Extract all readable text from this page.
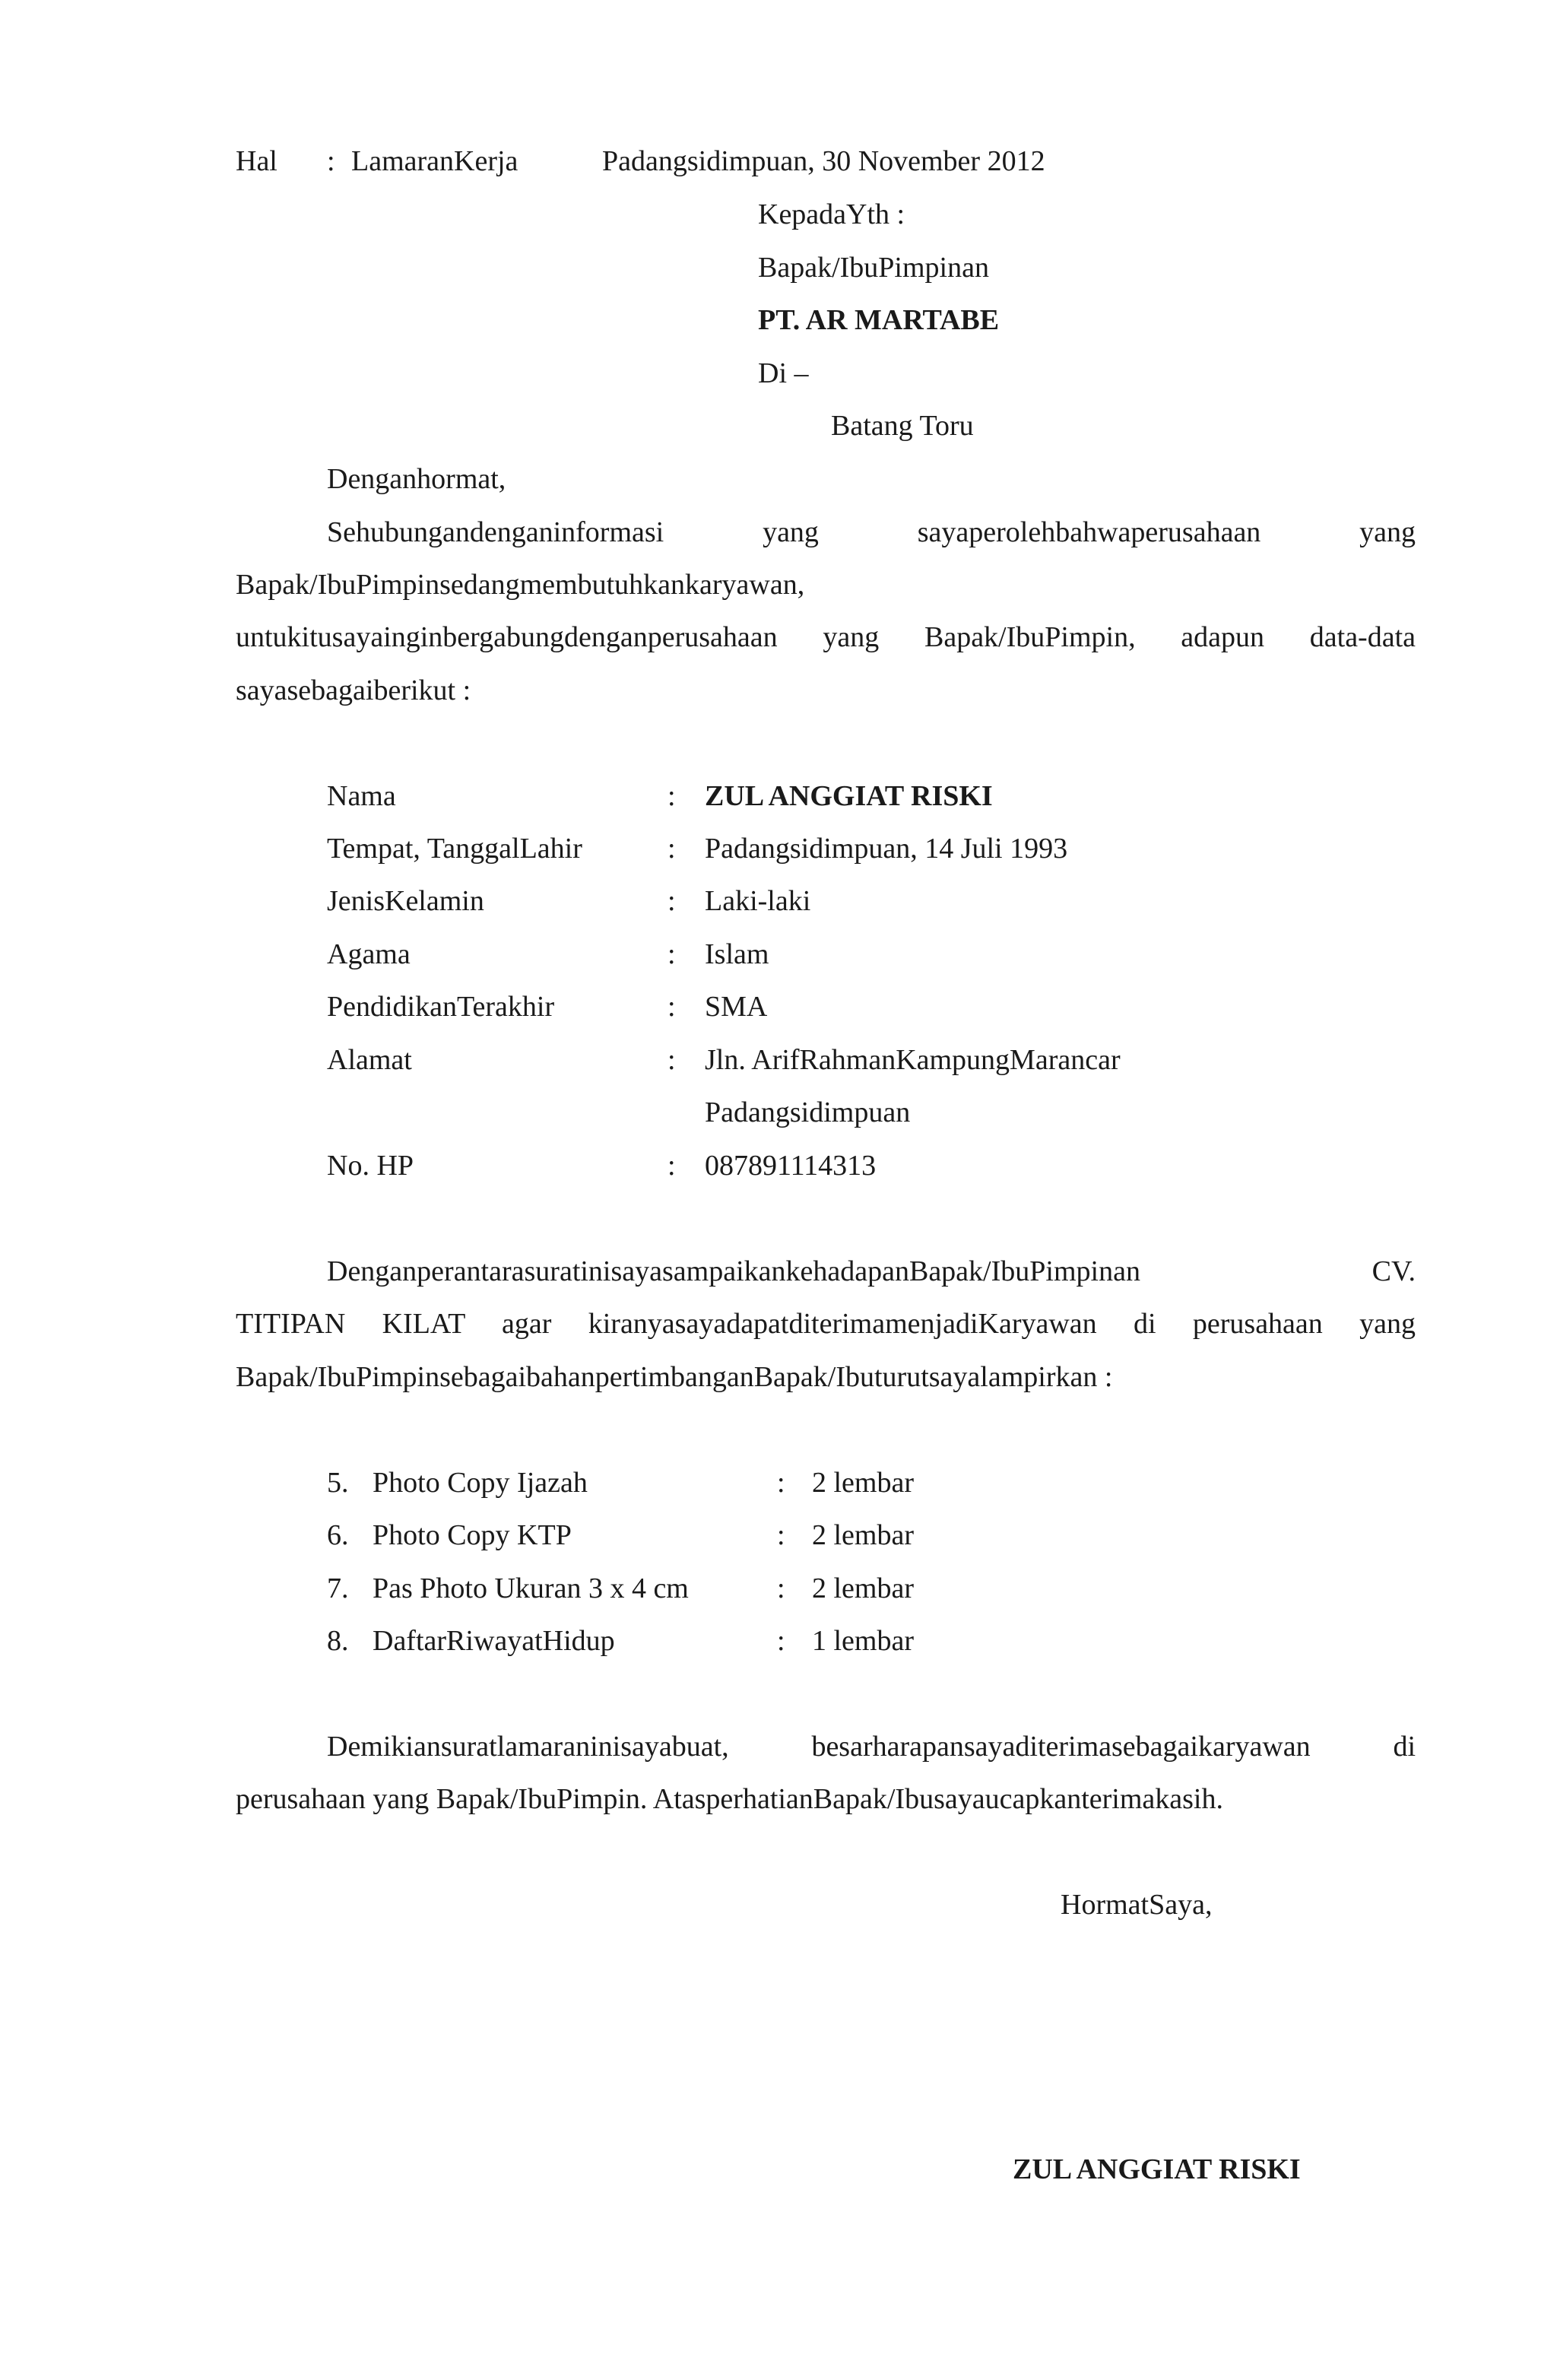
Hal : LamaranKerja	Padangsidimpuan, 30 November 2012
KepadaYth :
Bapak/IbuPimpinan
PT. AR MARTABE
Di –
Batang Toru
Denganhormat,
Sehubungandenganinformasi yang sayaperolehbahwaperusahaan yang
Bapak/IbuPimpinsedangmembutuhkankaryawan,
untukitusayainginbergabungdenganperusahaan yang Bapak/IbuPimpin, adapun data-data
sayasebagaiberikut :
Nama	: ZUL ANGGIAT RISKI
Tempat, TanggalLahir	: Padangsidimpuan, 14 Juli 1993
JenisKelamin	: Laki-laki
Agama	: Islam
PendidikanTerakhir	: SMA
Alamat	: Jln. ArifRahmanKampungMarancar
Padangsidimpuan
No. HP	: 087891114313
DenganperantarasuratinisayasampaikankehadapanBapak/IbuPimpinan CV.
TITIPAN KILAT agar kiranyasayadapatditerimamenjadiKaryawan di perusahaan yang
Bapak/IbuPimpinsebagaibahanpertimbanganBapak/Ibuturutsayalampirkan :
5. Photo Copy Ijazah	: 2 lembar
6. Photo Copy KTP	: 2 lembar
7. Pas Photo Ukuran 3 x 4 cm	: 2 lembar
8. DaftarRiwayatHidup	: 1 lembar
Demikiansuratlamaraninisayabuat, besarharapansayaditerimasebagaikaryawan di
perusahaan yang Bapak/IbuPimpin. AtasperhatianBapak/Ibusayaucapkanterimakasih.
HormatSaya,
ZUL ANGGIAT RISKI
